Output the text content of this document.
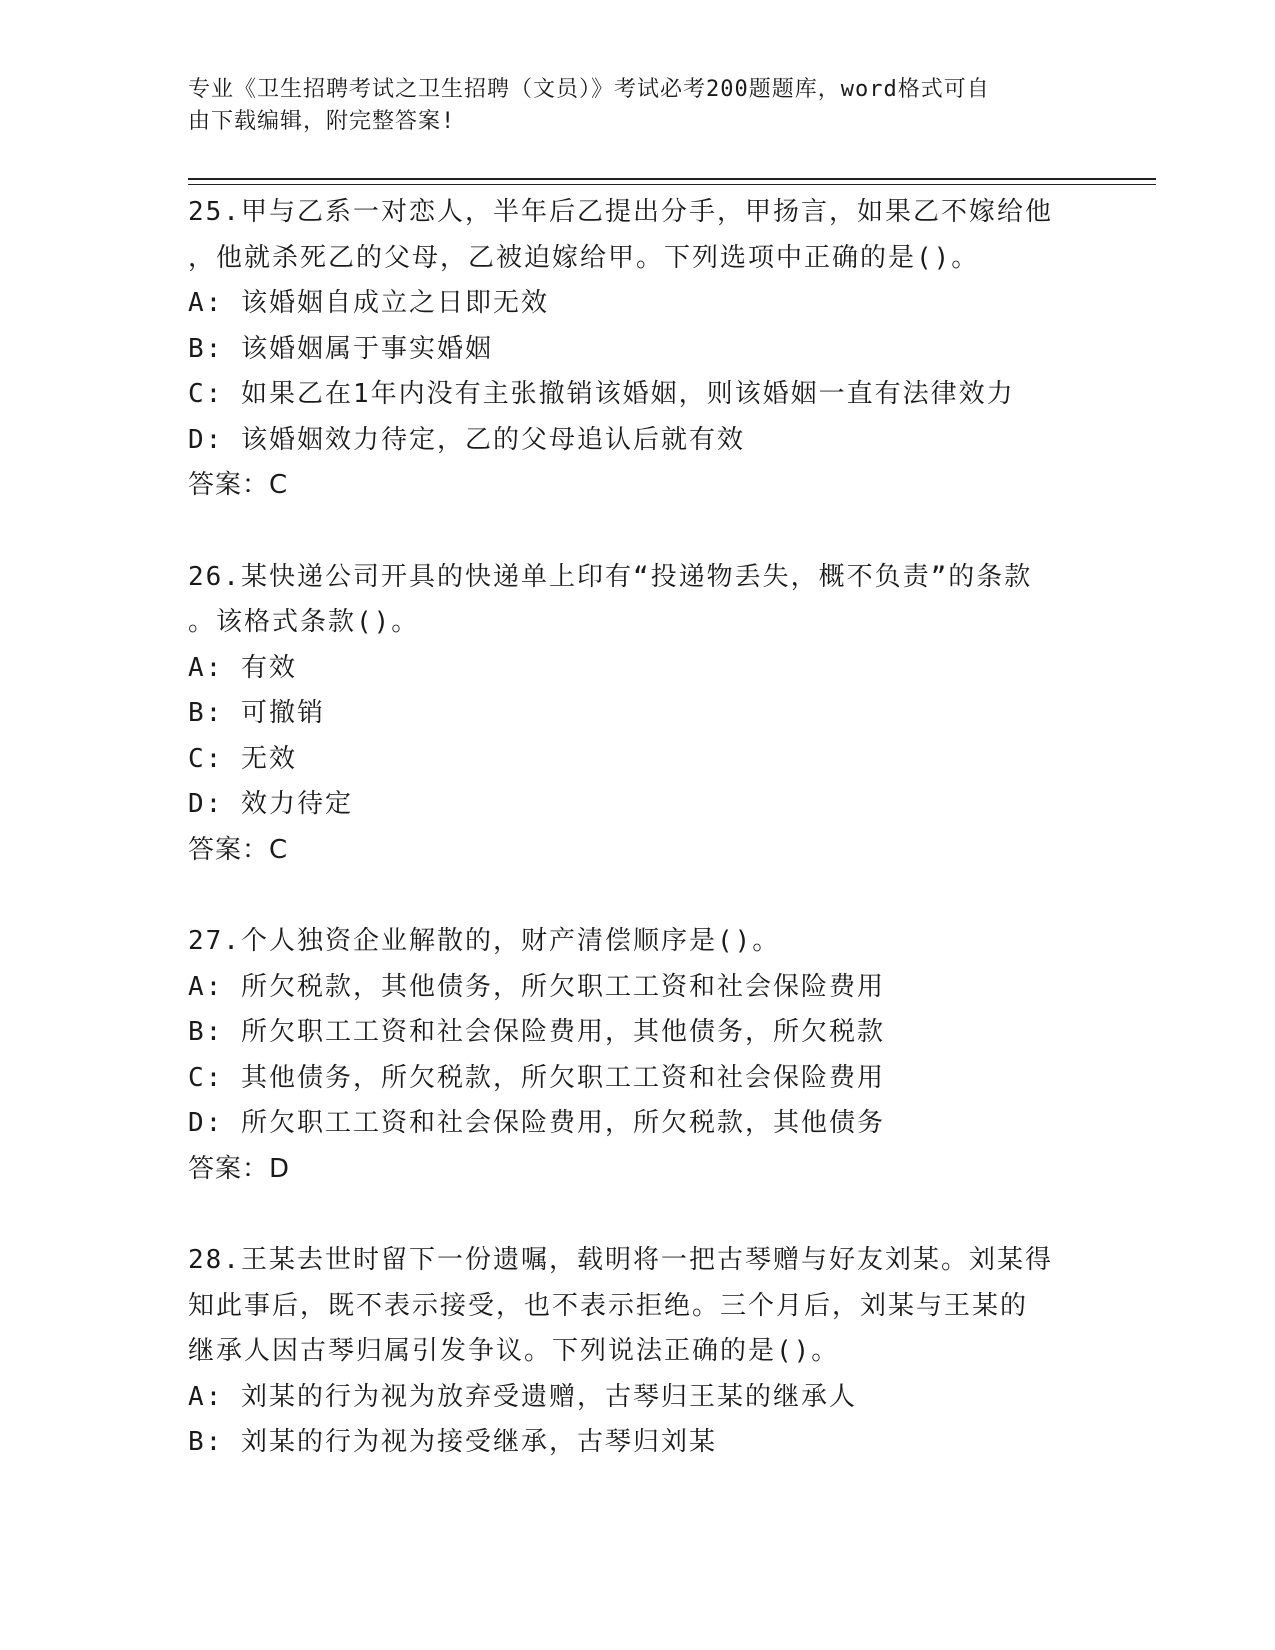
专业《卫生招聘考试之卫生招聘（文员）》考试必考200题题库，word格式可自
由下载编辑，附完整答案!
25.甲与乙系一对恋人，半年后乙提出分手，甲扬言，如果乙不嫁给他
，他就杀死乙的父母，乙被迫嫁给甲。下列选项中正确的是()。
A: 该婚姻自成立之日即无效
B: 该婚姻属于事实婚姻
C: 如果乙在1年内没有主张撤销该婚姻，则该婚姻一直有法律效力
D: 该婚姻效力待定，乙的父母追认后就有效
答案：C
26.某快递公司开具的快递单上印有“投递物丢失，概不负责”的条款
。该格式条款()。
A: 有效
B: 可撤销
C: 无效
D: 效力待定
答案：C
27.个人独资企业解散的，财产清偿顺序是()。
A: 所欠税款，其他债务，所欠职工工资和社会保险费用
B: 所欠职工工资和社会保险费用，其他债务，所欠税款
C: 其他债务，所欠税款，所欠职工工资和社会保险费用
D: 所欠职工工资和社会保险费用，所欠税款，其他债务
答案：D
28.王某去世时留下一份遗嘱，载明将一把古琴赠与好友刘某。刘某得
知此事后，既不表示接受，也不表示拒绝。三个月后，刘某与王某的
继承人因古琴归属引发争议。下列说法正确的是()。
A: 刘某的行为视为放弃受遗赠，古琴归王某的继承人
B: 刘某的行为视为接受继承，古琴归刘某
